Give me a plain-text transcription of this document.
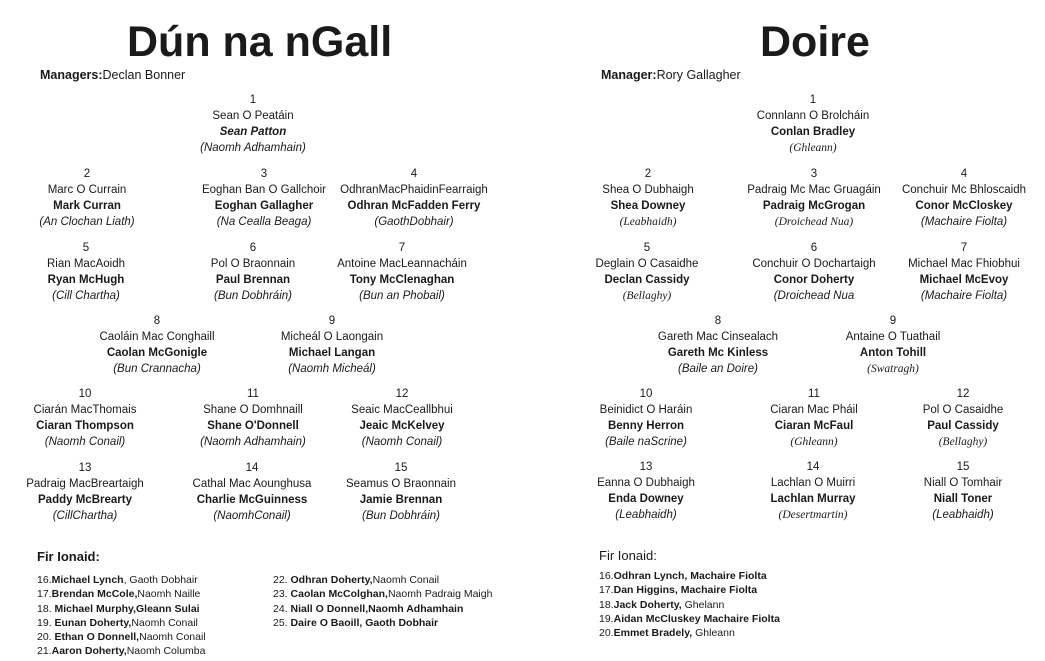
Dún na nGall
Managers:Declan Bonner
1
Sean O Peatáin
Sean Patton
(Naomh Adhamhain)
2
Marc O Currain
Mark Curran
(An Clochan Liath)
3
Eoghan Ban O Gallchoir
Eoghan Gallagher
(Na Cealla Beaga)
4
OdhranMacPhaidinFearraigh
Odhran McFadden Ferry
(GaothDobhair)
5
Rian MacAoidh
Ryan McHugh
(Cill Chartha)
6
Pol O Braonnain
Paul Brennan
(Bun Dobhráin)
7
Antoine MacLeannacháin
Tony McClenaghan
(Bun an Phobail)
8
Caoláin Mac Conghaill
Caolan McGonigle
(Bun Crannacha)
9
Micheál O Laongain
Michael Langan
(Naomh Micheál)
10
Ciarán MacThomais
Ciaran Thompson
(Naomh Conail)
11
Shane O Domhnaill
Shane O'Donnell
(Naomh Adhamhain)
12
Seaic MacCeallbhui
Jeaic McKelvey
(Naomh Conail)
13
Padraig MacBreartaigh
Paddy McBrearty
(CillChartha)
14
Cathal Mac Aounghusa
Charlie McGuinness
(NaomhConail)
15
Seamus O Braonnain
Jamie Brennan
(Bun Dobhráin)
Fir Ionaid:
16.Michael Lynch, Gaoth Dobhair
17.Brendan McCole,Naomh Naille
18. Michael Murphy,Gleann Sulai
19. Eunan Doherty,Naomh Conail
20. Ethan O Donnell,Naomh Conail
21.Aaron Doherty,Naomh Columba
22. Odhran Doherty,Naomh Conail
23. Caolan McColghan,Naomh Padraig Maigh
24. Niall O Donnell,Naomh Adhamhain
25. Daire O Baoill, Gaoth Dobhair
Doire
Manager:Rory Gallagher
1
Connlann O Brolcháin
Conlan Bradley
(Ghleann)
2
Shea O Dubhaigh
Shea Downey
(Leabhaidh)
3
Padraig Mc Mac Gruagáin
Padraig McGrogan
(Droichead Nua)
4
Conchuir Mc Bhloscaidh
Conor McCloskey
(Machaire Fiolta)
5
Deglain O Casaidhe
Declan Cassidy
(Bellaghy)
6
Conchuir O Dochartaigh
Conor Doherty
(Droichead Nua
7
Michael Mac Fhiobhui
Michael McEvoy
(Machaire Fiolta)
8
Gareth Mac Cinsealach
Gareth Mc Kinless
(Baile an Doire)
9
Antaine O Tuathail
Anton Tohill
(Swatragh)
10
Beinidict O Haráin
Benny Herron
(Baile naScrine)
11
Ciaran Mac Pháil
Ciaran McFaul
(Ghleann)
12
Pol O Casaidhe
Paul Cassidy
(Bellaghy)
13
Eanna O Dubhaigh
Enda Downey
(Leabhaidh)
14
Lachlan O Muirri
Lachlan Murray
(Desertmartin)
15
Niall O Tomhair
Niall Toner
(Leabhaidh)
Fir Ionaid:
16.Odhran Lynch, Machaire Fiolta
17.Dan Higgins, Machaire Fiolta
18.Jack Doherty, Ghelann
19.Aidan McCluskey Machaire Fiolta
20.Emmet Bradely, Ghleann
